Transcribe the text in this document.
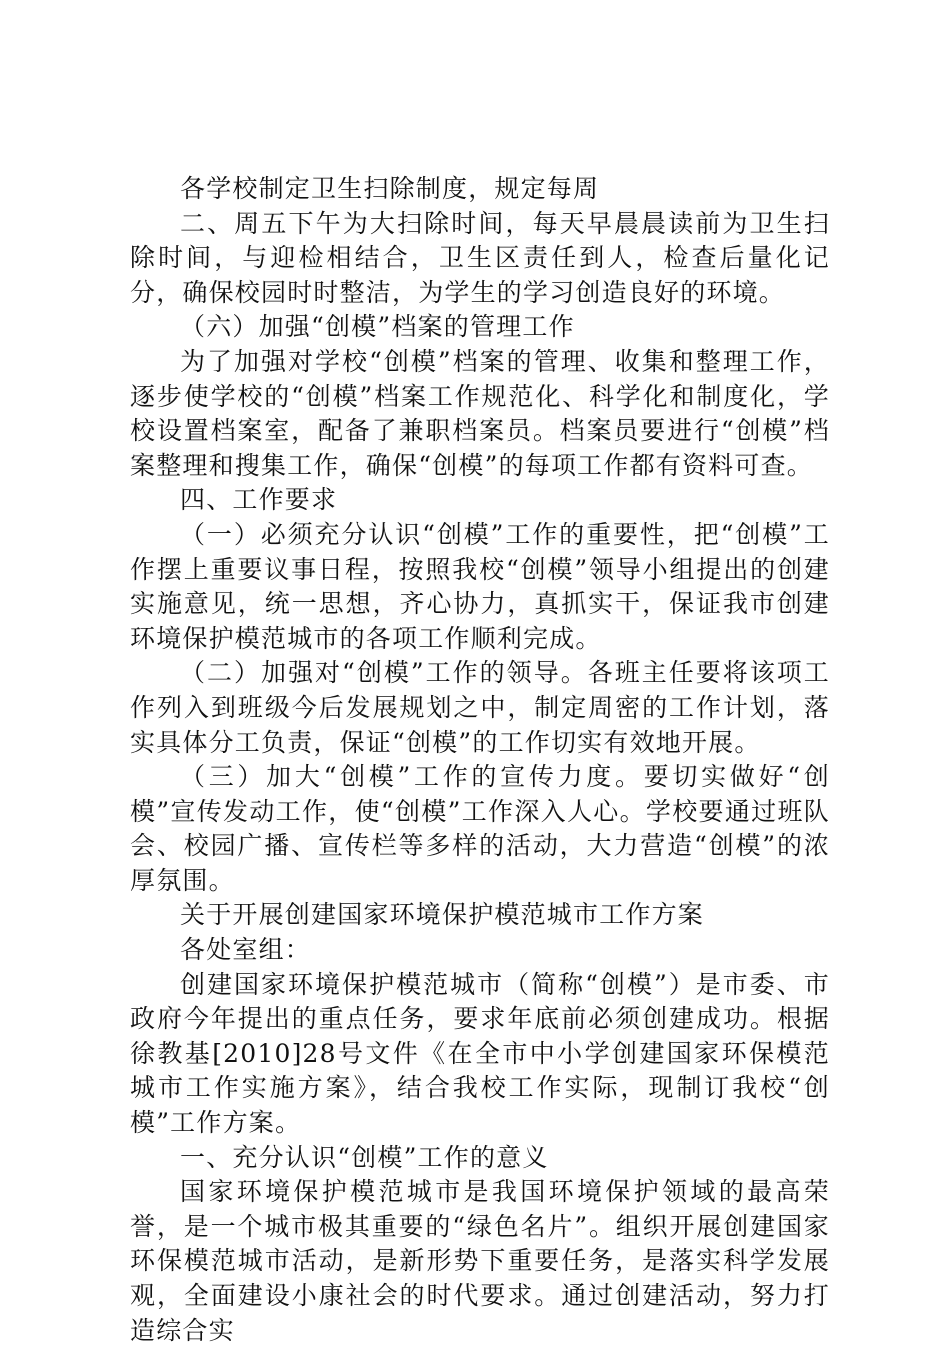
各学校制定卫生扫除制度，规定每周

二、周五下午为大扫除时间，每天早晨晨读前为卫生扫除时间，与迎检相结合，卫生区责任到人，检查后量化记分，确保校园时时整洁，为学生的学习创造良好的环境。

（六）加强“创模”档案的管理工作

为了加强对学校“创模”档案的管理、收集和整理工作，逐步使学校的“创模”档案工作规范化、科学化和制度化，学校设置档案室，配备了兼职档案员。档案员要进行“创模”档案整理和搜集工作，确保“创模”的每项工作都有资料可查。

四、工作要求

（一）必须充分认识“创模”工作的重要性，把“创模”工作摆上重要议事日程，按照我校“创模”领导小组提出的创建实施意见，统一思想，齐心协力，真抓实干，保证我市创建环境保护模范城市的各项工作顺利完成。

（二）加强对“创模”工作的领导。各班主任要将该项工作列入到班级今后发展规划之中，制定周密的工作计划，落实具体分工负责，保证“创模”的工作切实有效地开展。

（三）加大“创模”工作的宣传力度。要切实做好“创模”宣传发动工作，使“创模”工作深入人心。学校要通过班队会、校园广播、宣传栏等多样的活动，大力营造“创模”的浓厚氛围。

关于开展创建国家环境保护模范城市工作方案

各处室组：

创建国家环境保护模范城市（简称“创模”）是市委、市政府今年提出的重点任务，要求年底前必须创建成功。根据徐教基[2010]28号文件《在全市中小学创建国家环保模范城市工作实施方案》，结合我校工作实际，现制订我校“创模”工作方案。

一、充分认识“创模”工作的意义

国家环境保护模范城市是我国环境保护领域的最高荣誉，是一个城市极其重要的“绿色名片”。组织开展创建国家环保模范城市活动，是新形势下重要任务，是落实科学发展观，全面建设小康社会的时代要求。通过创建活动，努力打造综合实
